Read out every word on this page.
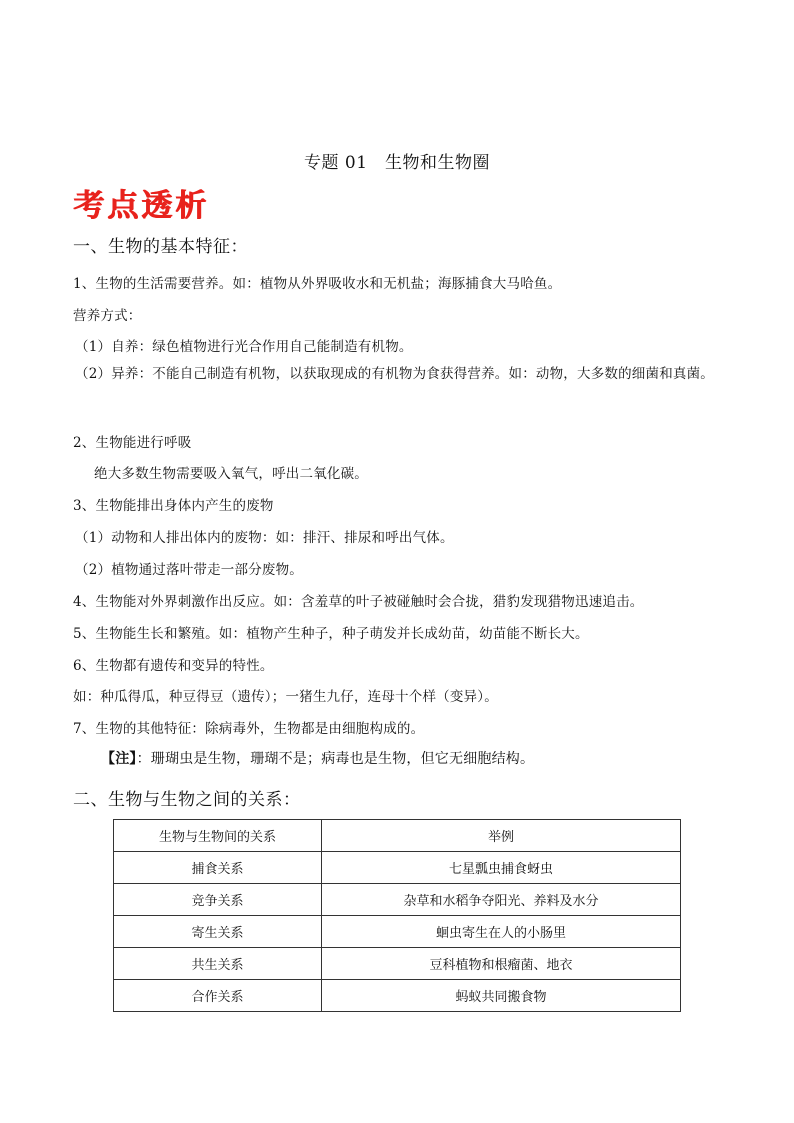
专题 01　生物和生物圈
考点透析
一、生物的基本特征：
1、生物的生活需要营养。如：植物从外界吸收水和无机盐；海豚捕食大马哈鱼。
营养方式：
（1）自养：绿色植物进行光合作用自己能制造有机物。
（2）异养：不能自己制造有机物，以获取现成的有机物为食获得营养。如：动物，大多数的细菌和真菌。
2、生物能进行呼吸
绝大多数生物需要吸入氧气，呼出二氧化碳。
3、生物能排出身体内产生的废物
（1）动物和人排出体内的废物：如：排汗、排尿和呼出气体。
（2）植物通过落叶带走一部分废物。
4、生物能对外界刺激作出反应。如：含羞草的叶子被碰触时会合拢，猎豹发现猎物迅速追击。
5、生物能生长和繁殖。如：植物产生种子，种子萌发并长成幼苗，幼苗能不断长大。
6、生物都有遗传和变异的特性。
如：种瓜得瓜，种豆得豆（遗传）；一猪生九仔，连母十个样（变异）。
7、生物的其他特征：除病毒外，生物都是由细胞构成的。
【注】：珊瑚虫是生物，珊瑚不是；病毒也是生物，但它无细胞结构。
二、生物与生物之间的关系：
生物与生物间的关系	举例
捕食关系	七星瓢虫捕食蚜虫
竞争关系	杂草和水稻争夺阳光、养料及水分
寄生关系	蛔虫寄生在人的小肠里
共生关系	豆科植物和根瘤菌、地衣
合作关系	蚂蚁共同搬食物
